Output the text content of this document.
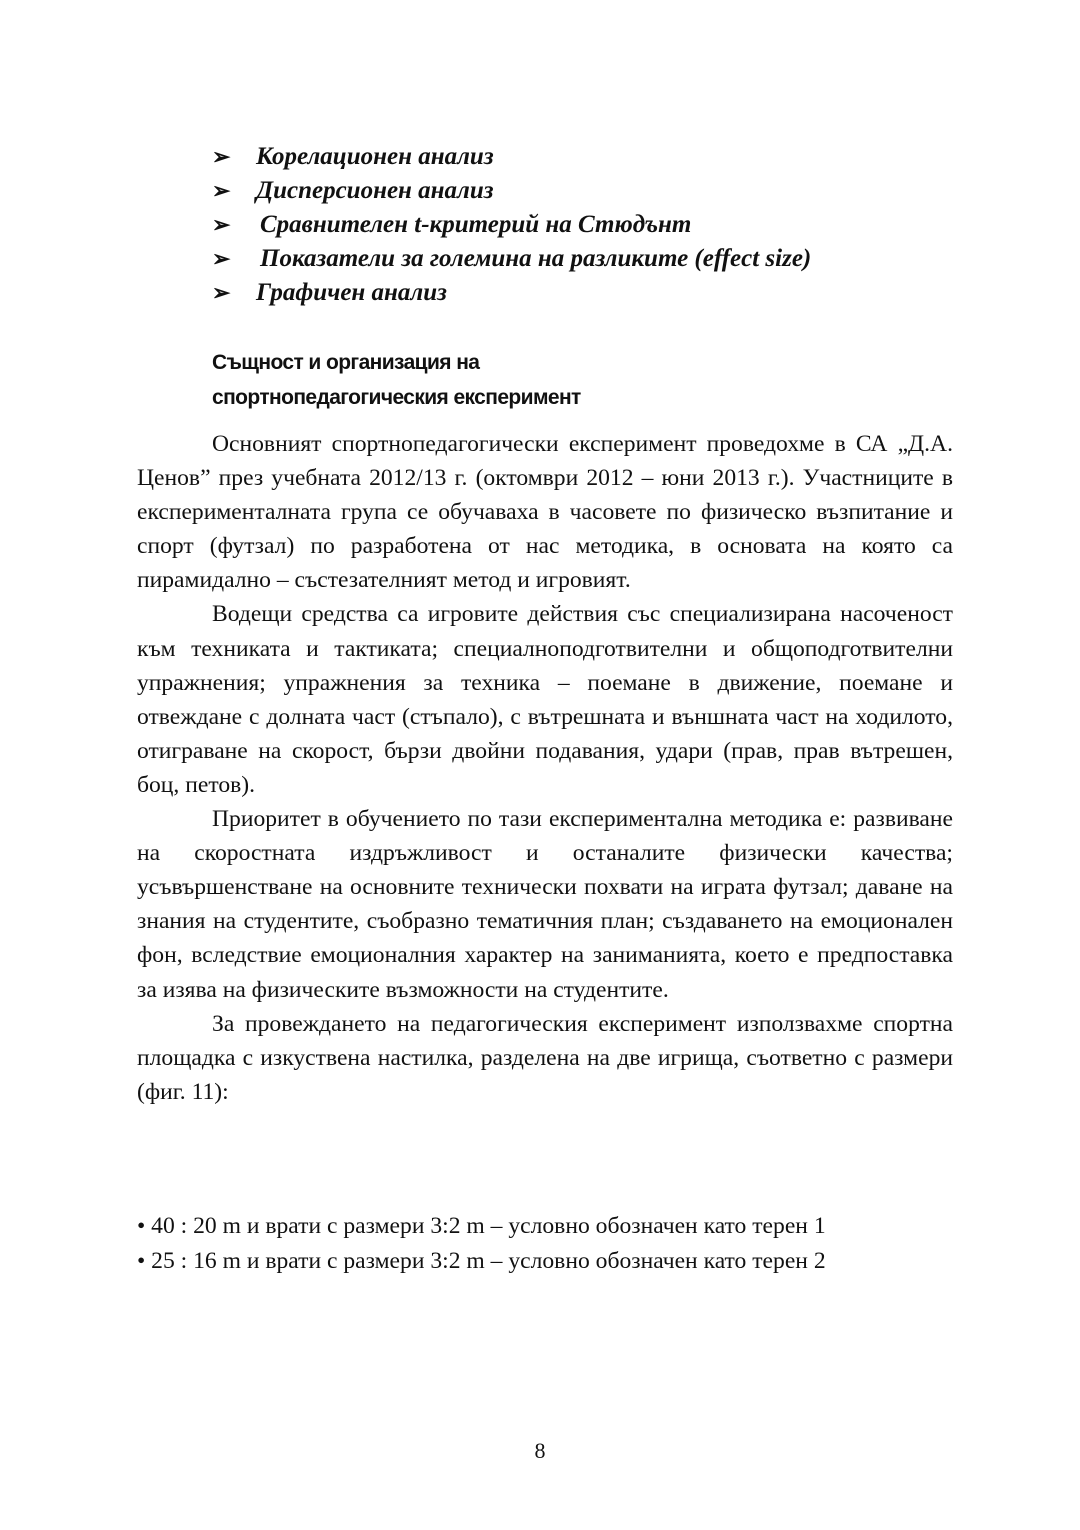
➢ Корелационен анализ
➢ Дисперсионен анализ
➢ Сравнителен t-критерий на Стюдънт
➢ Показатели за големина на разликите (effect size)
➢ Графичен анализ
Същност и организация на
спортнопедагогическия експеримент

Основният спортнопедагогически експеримент проведохме в СА „Д.А. Ценов” през учебната 2012/13 г. (октомври 2012 – юни 2013 г.). Участниците в експерименталната група се обучаваха в часовете по физическо възпитание и спорт (футзал) по разработена от нас методика, в основата на която са пирамидално – състезателният метод и игровият.

Водещи средства са игровите действия със специализирана насоченост към техниката и тактиката; специалноподготвителни и общоподготвителни упражнения; упражнения за техника – поемане в движение, поемане и отвеждане с долната част (стъпало), с вътрешната и външната част на ходилото, отиграване на скорост, бързи двойни подавания, удари (прав, прав вътрешен, боц, петов).

Приоритет в обучението по тази експериментална методика е: развиване на скоростната издръжливост и останалите физически качества; усъвършенстване на основните технически похвати на играта футзал; даване на знания на студентите, съобразно тематичния план; създаването на емоционален фон, вследствие емоционалния характер на заниманията, което е предпоставка за изява на физическите възможности на студентите.

За провеждането на педагогическия експеримент използвахме спортна площадка с изкуствена настилка, разделена на две игрища, съответно с размери (фиг. 11):

• 40 : 20 m и врати с размери 3:2 m – условно обозначен като терен 1
• 25 : 16 m и врати с размери 3:2 m – условно обозначен като терен 2
8
